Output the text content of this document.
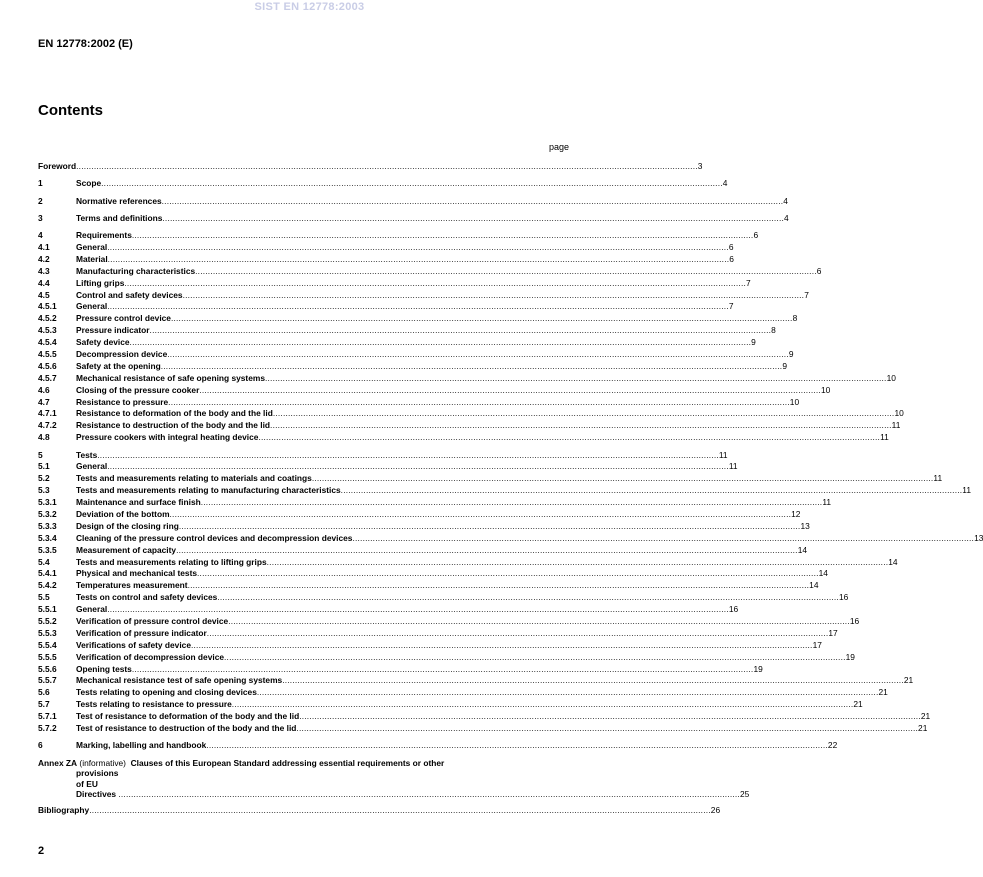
SIST EN 12778:2003
EN 12778:2002 (E)
Contents
page
Foreword .....	3
1	Scope .....	4
2	Normative references .....	4
3	Terms and definitions .....	4
4	Requirements .....	6
4.1	General .....	6
4.2	Material .....	6
4.3	Manufacturing characteristics .....	6
4.4	Lifting grips .....	7
4.5	Control and safety devices .....	7
4.5.1	General .....	7
4.5.2	Pressure control device .....	8
4.5.3	Pressure indicator .....	8
4.5.4	Safety device .....	9
4.5.5	Decompression device .....	9
4.5.6	Safety at the opening .....	9
4.5.7	Mechanical resistance of safe opening systems .....	10
4.6	Closing of the pressure cooker .....	10
4.7	Resistance to pressure .....	10
4.7.1	Resistance to deformation of the body and the lid .....	10
4.7.2	Resistance to destruction of the body and the lid .....	11
4.8	Pressure cookers with integral heating device .....	11
5	Tests .....	11
5.1	General .....	11
5.2	Tests and measurements relating to materials and coatings .....	11
5.3	Tests and measurements relating to manufacturing characteristics .....	11
5.3.1	Maintenance and surface finish .....	11
5.3.2	Deviation of the bottom .....	12
5.3.3	Design of the closing ring .....	13
5.3.4	Cleaning of the pressure control devices and decompression devices .....	13
5.3.5	Measurement of capacity .....	14
5.4	Tests and measurements relating to lifting grips .....	14
5.4.1	Physical and mechanical tests .....	14
5.4.2	Temperatures measurement .....	14
5.5	Tests on control and safety devices .....	16
5.5.1	General .....	16
5.5.2	Verification of pressure control device .....	16
5.5.3	Verification of pressure indicator .....	17
5.5.4	Verifications of safety device .....	17
5.5.5	Verification of decompression device .....	19
5.5.6	Opening tests .....	19
5.5.7	Mechanical resistance test of safe opening systems .....	21
5.6	Tests relating to opening and closing devices .....	21
5.7	Tests relating to resistance to pressure .....	21
5.7.1	Test of resistance to deformation of the body and the lid .....	21
5.7.2	Test of resistance to destruction of the body and the lid .....	21
6	Marking, labelling and handbook .....	22
Annex ZA
(informative)
Clauses of this European Standard addressing essential requirements or other
provisions of EU Directives .....	25
Bibliography .....	26
2
